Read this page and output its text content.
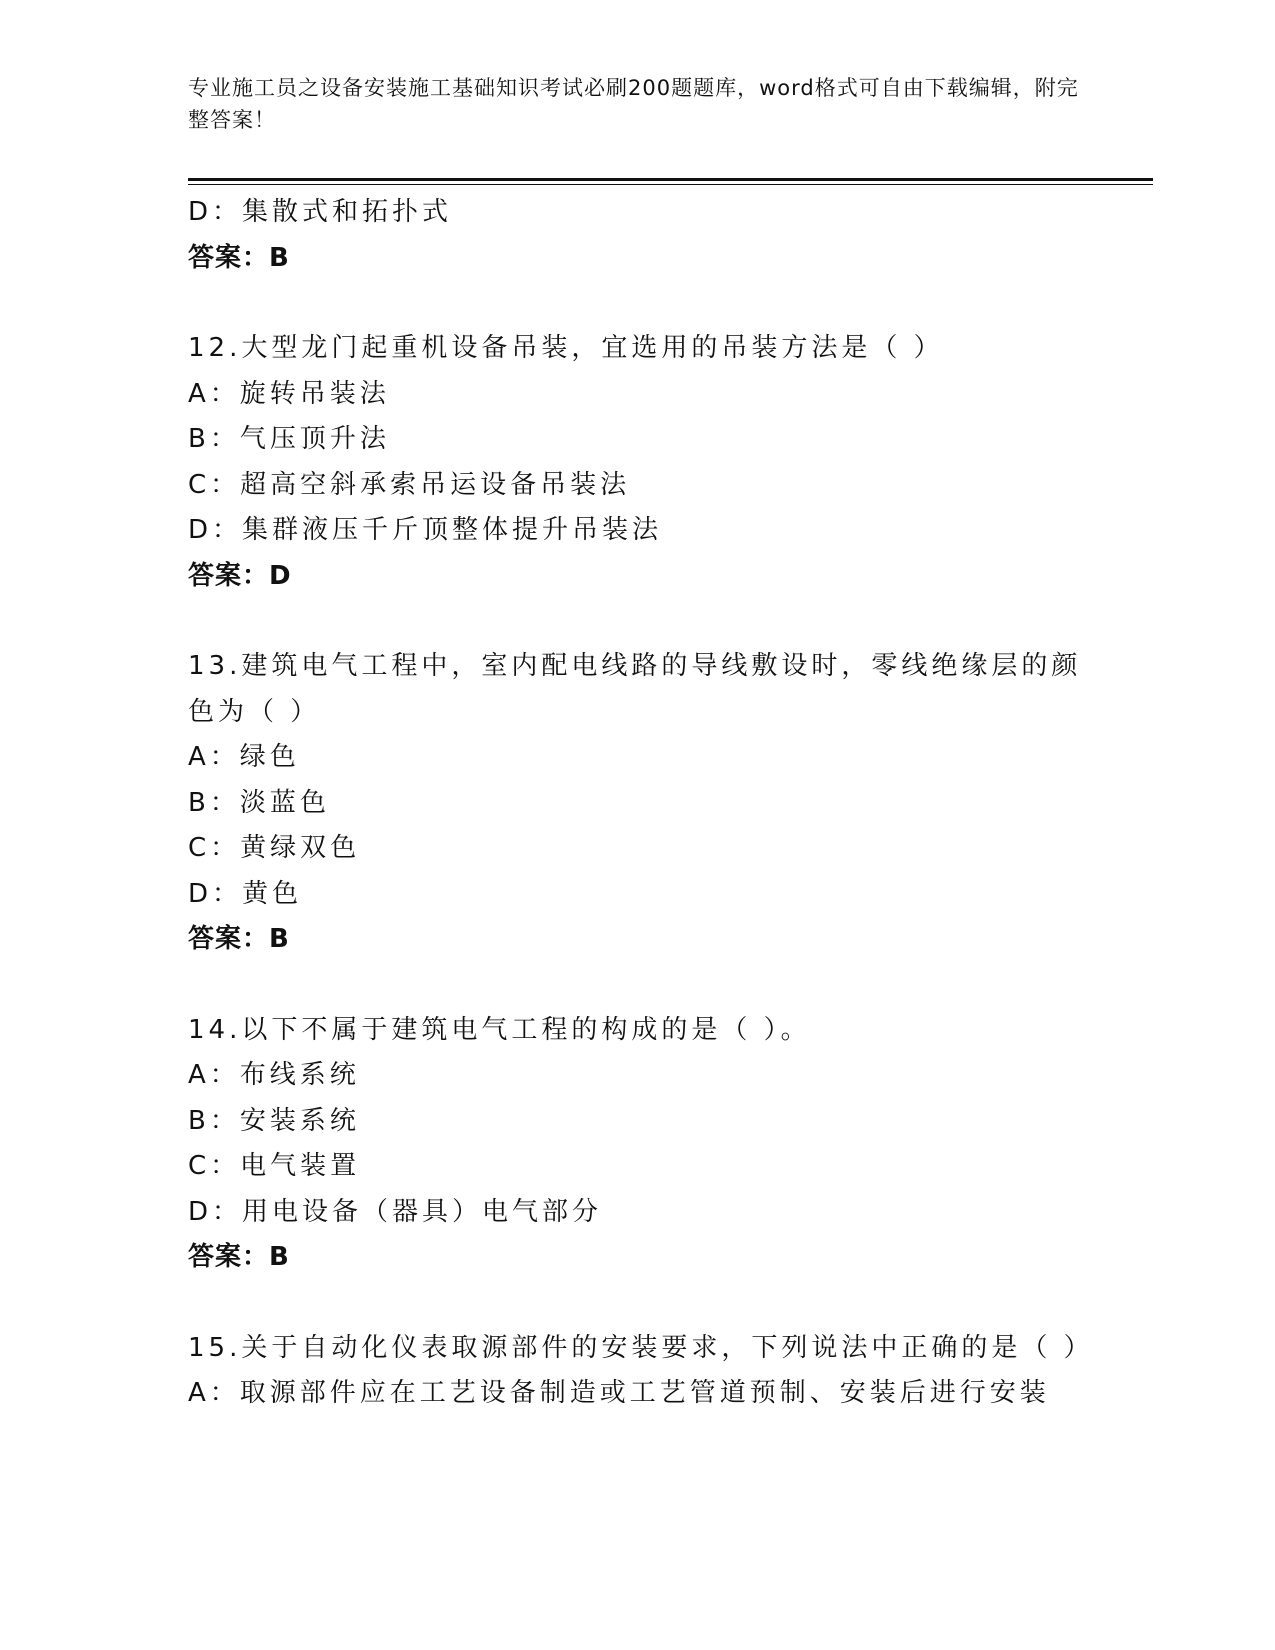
专业施工员之设备安装施工基础知识考试必刷200题题库，word格式可自由下载编辑，附完整答案！
D：集散式和拓扑式
答案：B
12.大型龙门起重机设备吊装，宜选用的吊装方法是（ ）
A：旋转吊装法
B：气压顶升法
C：超高空斜承索吊运设备吊装法
D：集群液压千斤顶整体提升吊装法
答案：D
13.建筑电气工程中，室内配电线路的导线敷设时，零线绝缘层的颜色为（ ）
A：绿色
B：淡蓝色
C：黄绿双色
D：黄色
答案：B
14.以下不属于建筑电气工程的构成的是（ ）。
A：布线系统
B：安装系统
C：电气装置
D：用电设备（器具）电气部分
答案：B
15.关于自动化仪表取源部件的安装要求，下列说法中正确的是（ ）
A：取源部件应在工艺设备制造或工艺管道预制、安装后进行安装
